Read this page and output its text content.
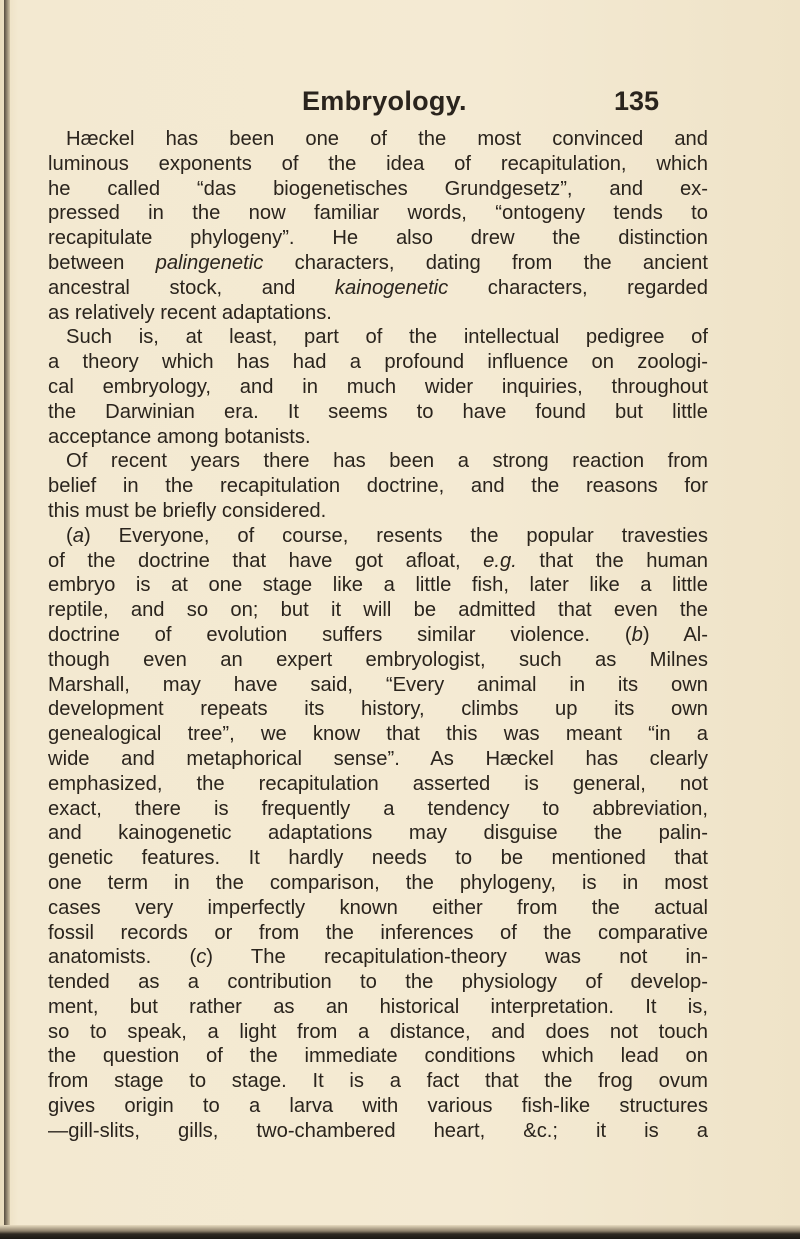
Embryology.	135
Hæckel has been one of the most convinced and
luminous exponents of the idea of recapitulation, which
he called “das biogenetisches Grundgesetz”, and ex-
pressed in the now familiar words, “ontogeny tends to
recapitulate phylogeny”. He also drew the distinction
between palingenetic characters, dating from the ancient
ancestral stock, and kainogenetic characters, regarded
as relatively recent adaptations.
Such is, at least, part of the intellectual pedigree of
a theory which has had a profound influence on zoologi-
cal embryology, and in much wider inquiries, throughout
the Darwinian era. It seems to have found but little
acceptance among botanists.
Of recent years there has been a strong reaction from
belief in the recapitulation doctrine, and the reasons for
this must be briefly considered.
(a) Everyone, of course, resents the popular travesties
of the doctrine that have got afloat, e.g. that the human
embryo is at one stage like a little fish, later like a little
reptile, and so on; but it will be admitted that even the
doctrine of evolution suffers similar violence. (b) Al-
though even an expert embryologist, such as Milnes
Marshall, may have said, “Every animal in its own
development repeats its history, climbs up its own
genealogical tree”, we know that this was meant “in a
wide and metaphorical sense”. As Hæckel has clearly
emphasized, the recapitulation asserted is general, not
exact, there is frequently a tendency to abbreviation,
and kainogenetic adaptations may disguise the palin-
genetic features. It hardly needs to be mentioned that
one term in the comparison, the phylogeny, is in most
cases very imperfectly known either from the actual
fossil records or from the inferences of the comparative
anatomists. (c) The recapitulation-theory was not in-
tended as a contribution to the physiology of develop-
ment, but rather as an historical interpretation. It is,
so to speak, a light from a distance, and does not touch
the question of the immediate conditions which lead on
from stage to stage. It is a fact that the frog ovum
gives origin to a larva with various fish-like structures
—gill-slits, gills, two-chambered heart, &c.; it is a
